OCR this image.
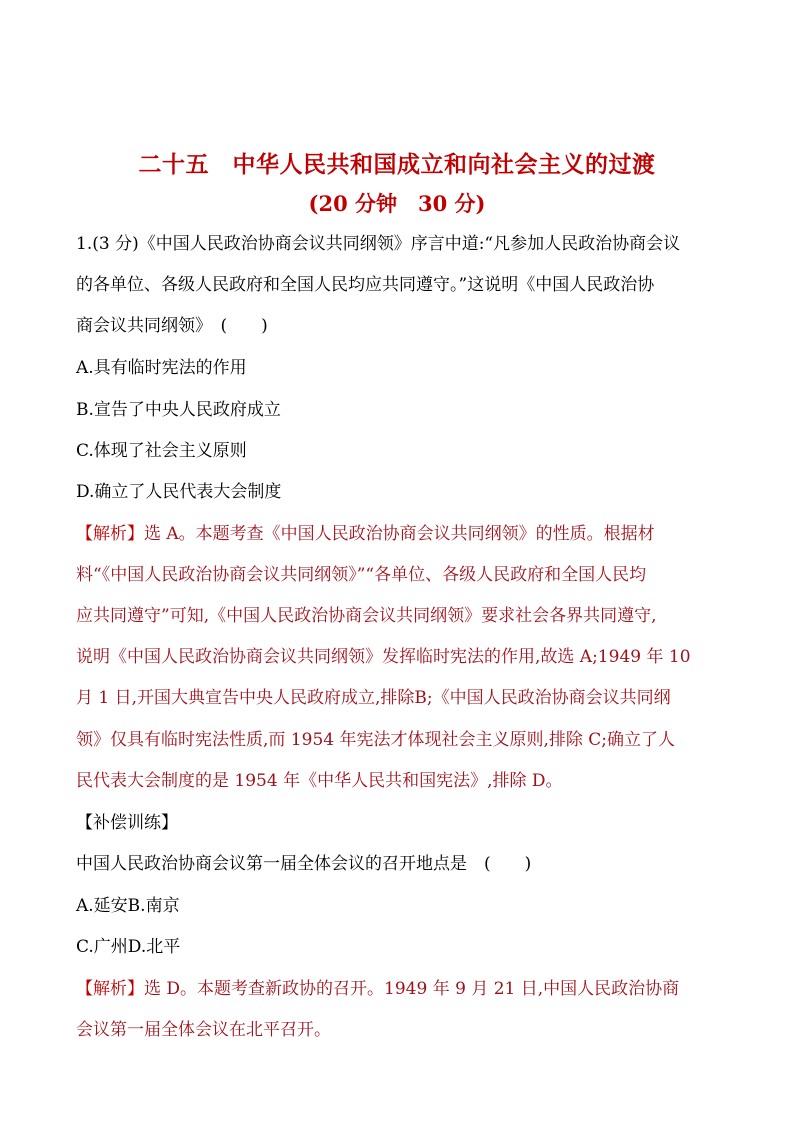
二十五　中华人民共和国成立和向社会主义的过渡
(20 分钟　30 分)
1.(3 分)《中国人民政治协商会议共同纲领》序言中道:“凡参加人民政治协商会议
的各单位、各级人民政府和全国人民均应共同遵守。”这说明《中国人民政治协
商会议共同纲领》　(　　)
A.具有临时宪法的作用
B.宣告了中央人民政府成立
C.体现了社会主义原则
D.确立了人民代表大会制度
【解析】选 A。本题考查《中国人民政治协商会议共同纲领》的性质。根据材
料“《中国人民政治协商会议共同纲领》”“各单位、各级人民政府和全国人民均
应共同遵守”可知,《中国人民政治协商会议共同纲领》要求社会各界共同遵守,
说明《中国人民政治协商会议共同纲领》发挥临时宪法的作用,故选 A;1949 年 10
月 1 日,开国大典宣告中央人民政府成立,排除B;《中国人民政治协商会议共同纲
领》仅具有临时宪法性质,而 1954 年宪法才体现社会主义原则,排除 C;确立了人
民代表大会制度的是 1954 年《中华人民共和国宪法》,排除 D。
【补偿训练】
中国人民政治协商会议第一届全体会议的召开地点是　(　　)
A.延安B.南京
C.广州D.北平
【解析】选 D。本题考查新政协的召开。1949 年 9 月 21 日,中国人民政治协商
会议第一届全体会议在北平召开。
